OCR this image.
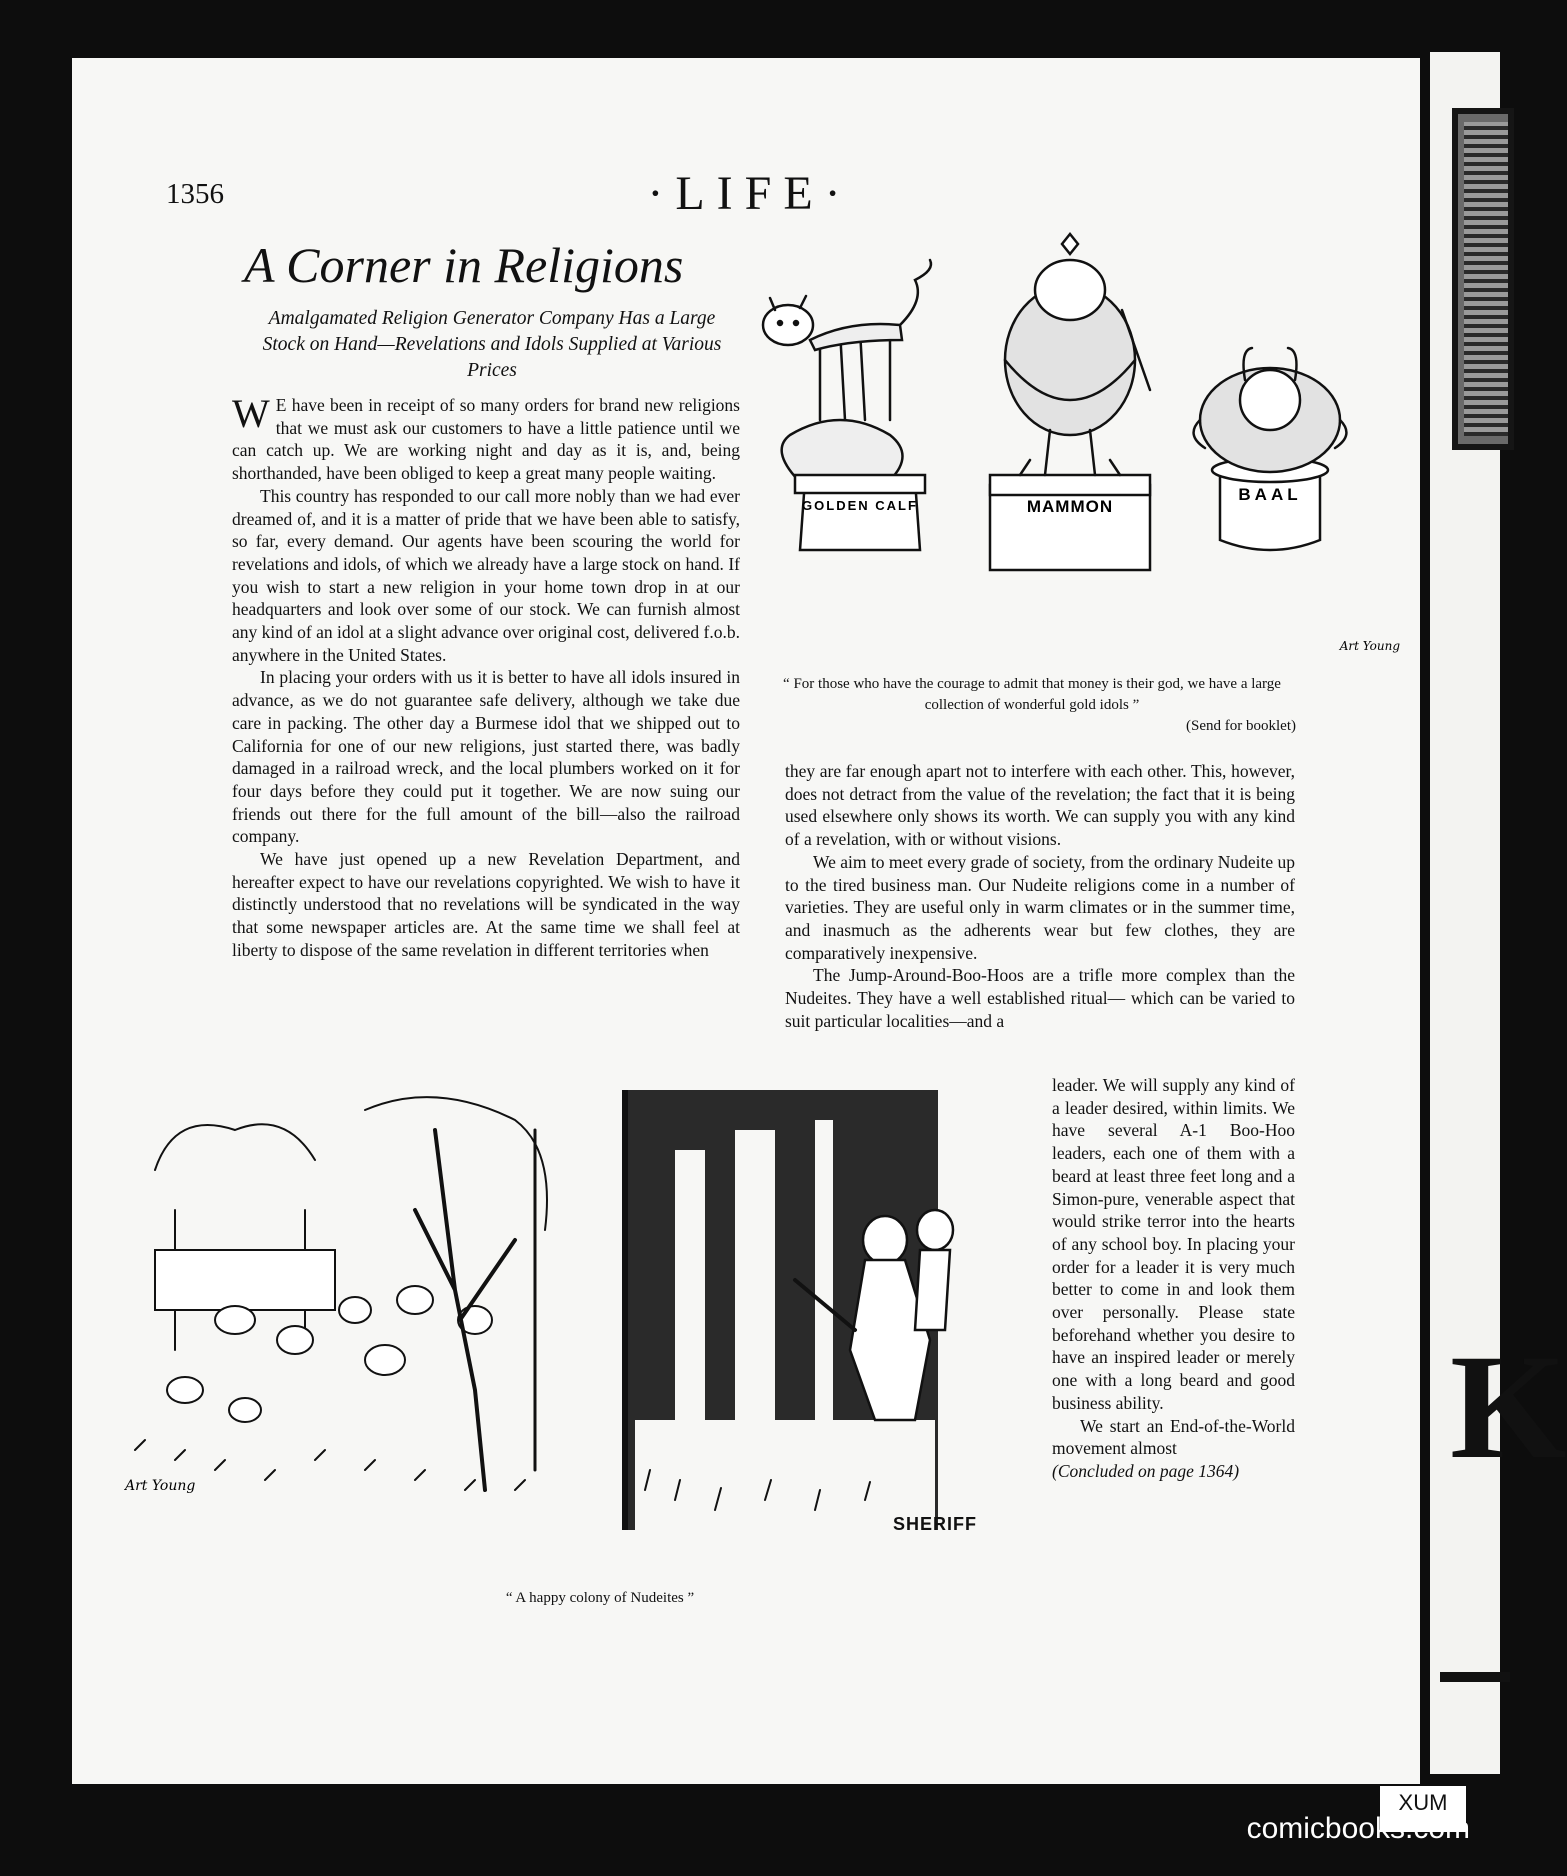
K
1356	·LIFE·
A Corner in Religions
Amalgamated Religion Generator Company Has a Large Stock on Hand—Revelations and Idols Supplied at Various Prices

W E have been in receipt of so many orders for brand new religions that we must ask our customers to have a little patience until we can catch up. We are working night and day as it is, and, being shorthanded, have been obliged to keep a great many people waiting.

This country has responded to our call more nobly than we had ever dreamed of, and it is a matter of pride that we have been able to satisfy, so far, every demand. Our agents have been scouring the world for revelations and idols, of which we already have a large stock on hand. If you wish to start a new religion in your home town drop in at our headquarters and look over some of our stock. We can furnish almost any kind of an idol at a slight advance over original cost, delivered f.o.b. anywhere in the United States.

In placing your orders with us it is better to have all idols insured in advance, as we do not guarantee safe delivery, although we take due care in packing. The other day a Burmese idol that we shipped out to California for one of our new religions, just started there, was badly damaged in a railroad wreck, and the local plumbers worked on it for four days before they could put it together. We are now suing our friends out there for the full amount of the bill—also the railroad company.

We have just opened up a new Revelation Department, and hereafter expect to have our revelations copyrighted. We wish to have it distinctly understood that no revelations will be syndicated in the way that some newspaper articles are. At the same time we shall feel at liberty to dispose of the same revelation in different territories when

they are far enough apart not to interfere with each other. This, however, does not detract from the value of the revelation; the fact that it is being used elsewhere only shows its worth. We can supply you with any kind of a revelation, with or without visions.

We aim to meet every grade of society, from the ordinary Nudeite up to the tired business man. Our Nudeite religions come in a number of varieties. They are useful only in warm climates or in the summer time, and inasmuch as the adherents wear but few clothes, they are comparatively inexpensive.

The Jump-Around-Boo-Hoos are a trifle more complex than the Nudeites. They have a well established ritual— which can be varied to suit particular localities—and a

leader. We will supply any kind of a leader desired, within limits. We have several A-1 Boo-Hoo leaders, each one of them with a beard at least three feet long and a Simon-pure, venerable aspect that would strike terror into the hearts of any school boy. In placing your order for a leader it is very much better to come in and look them over personally. Please state beforehand whether you desire to have an inspired leader or merely one with a long beard and good business ability.

We start an End-of-the-World movement almost

(Concluded on page 1364)

GOLDEN CALF	MAMMON
BAAL
Art Young
“ For those who have the courage to admit that money is their god, we have a large collection of wonderful gold idols ”
(Send for booklet)
Art Young
SHERIFF
“ A happy colony of Nudeites ”
XUM
comicbooks.com
